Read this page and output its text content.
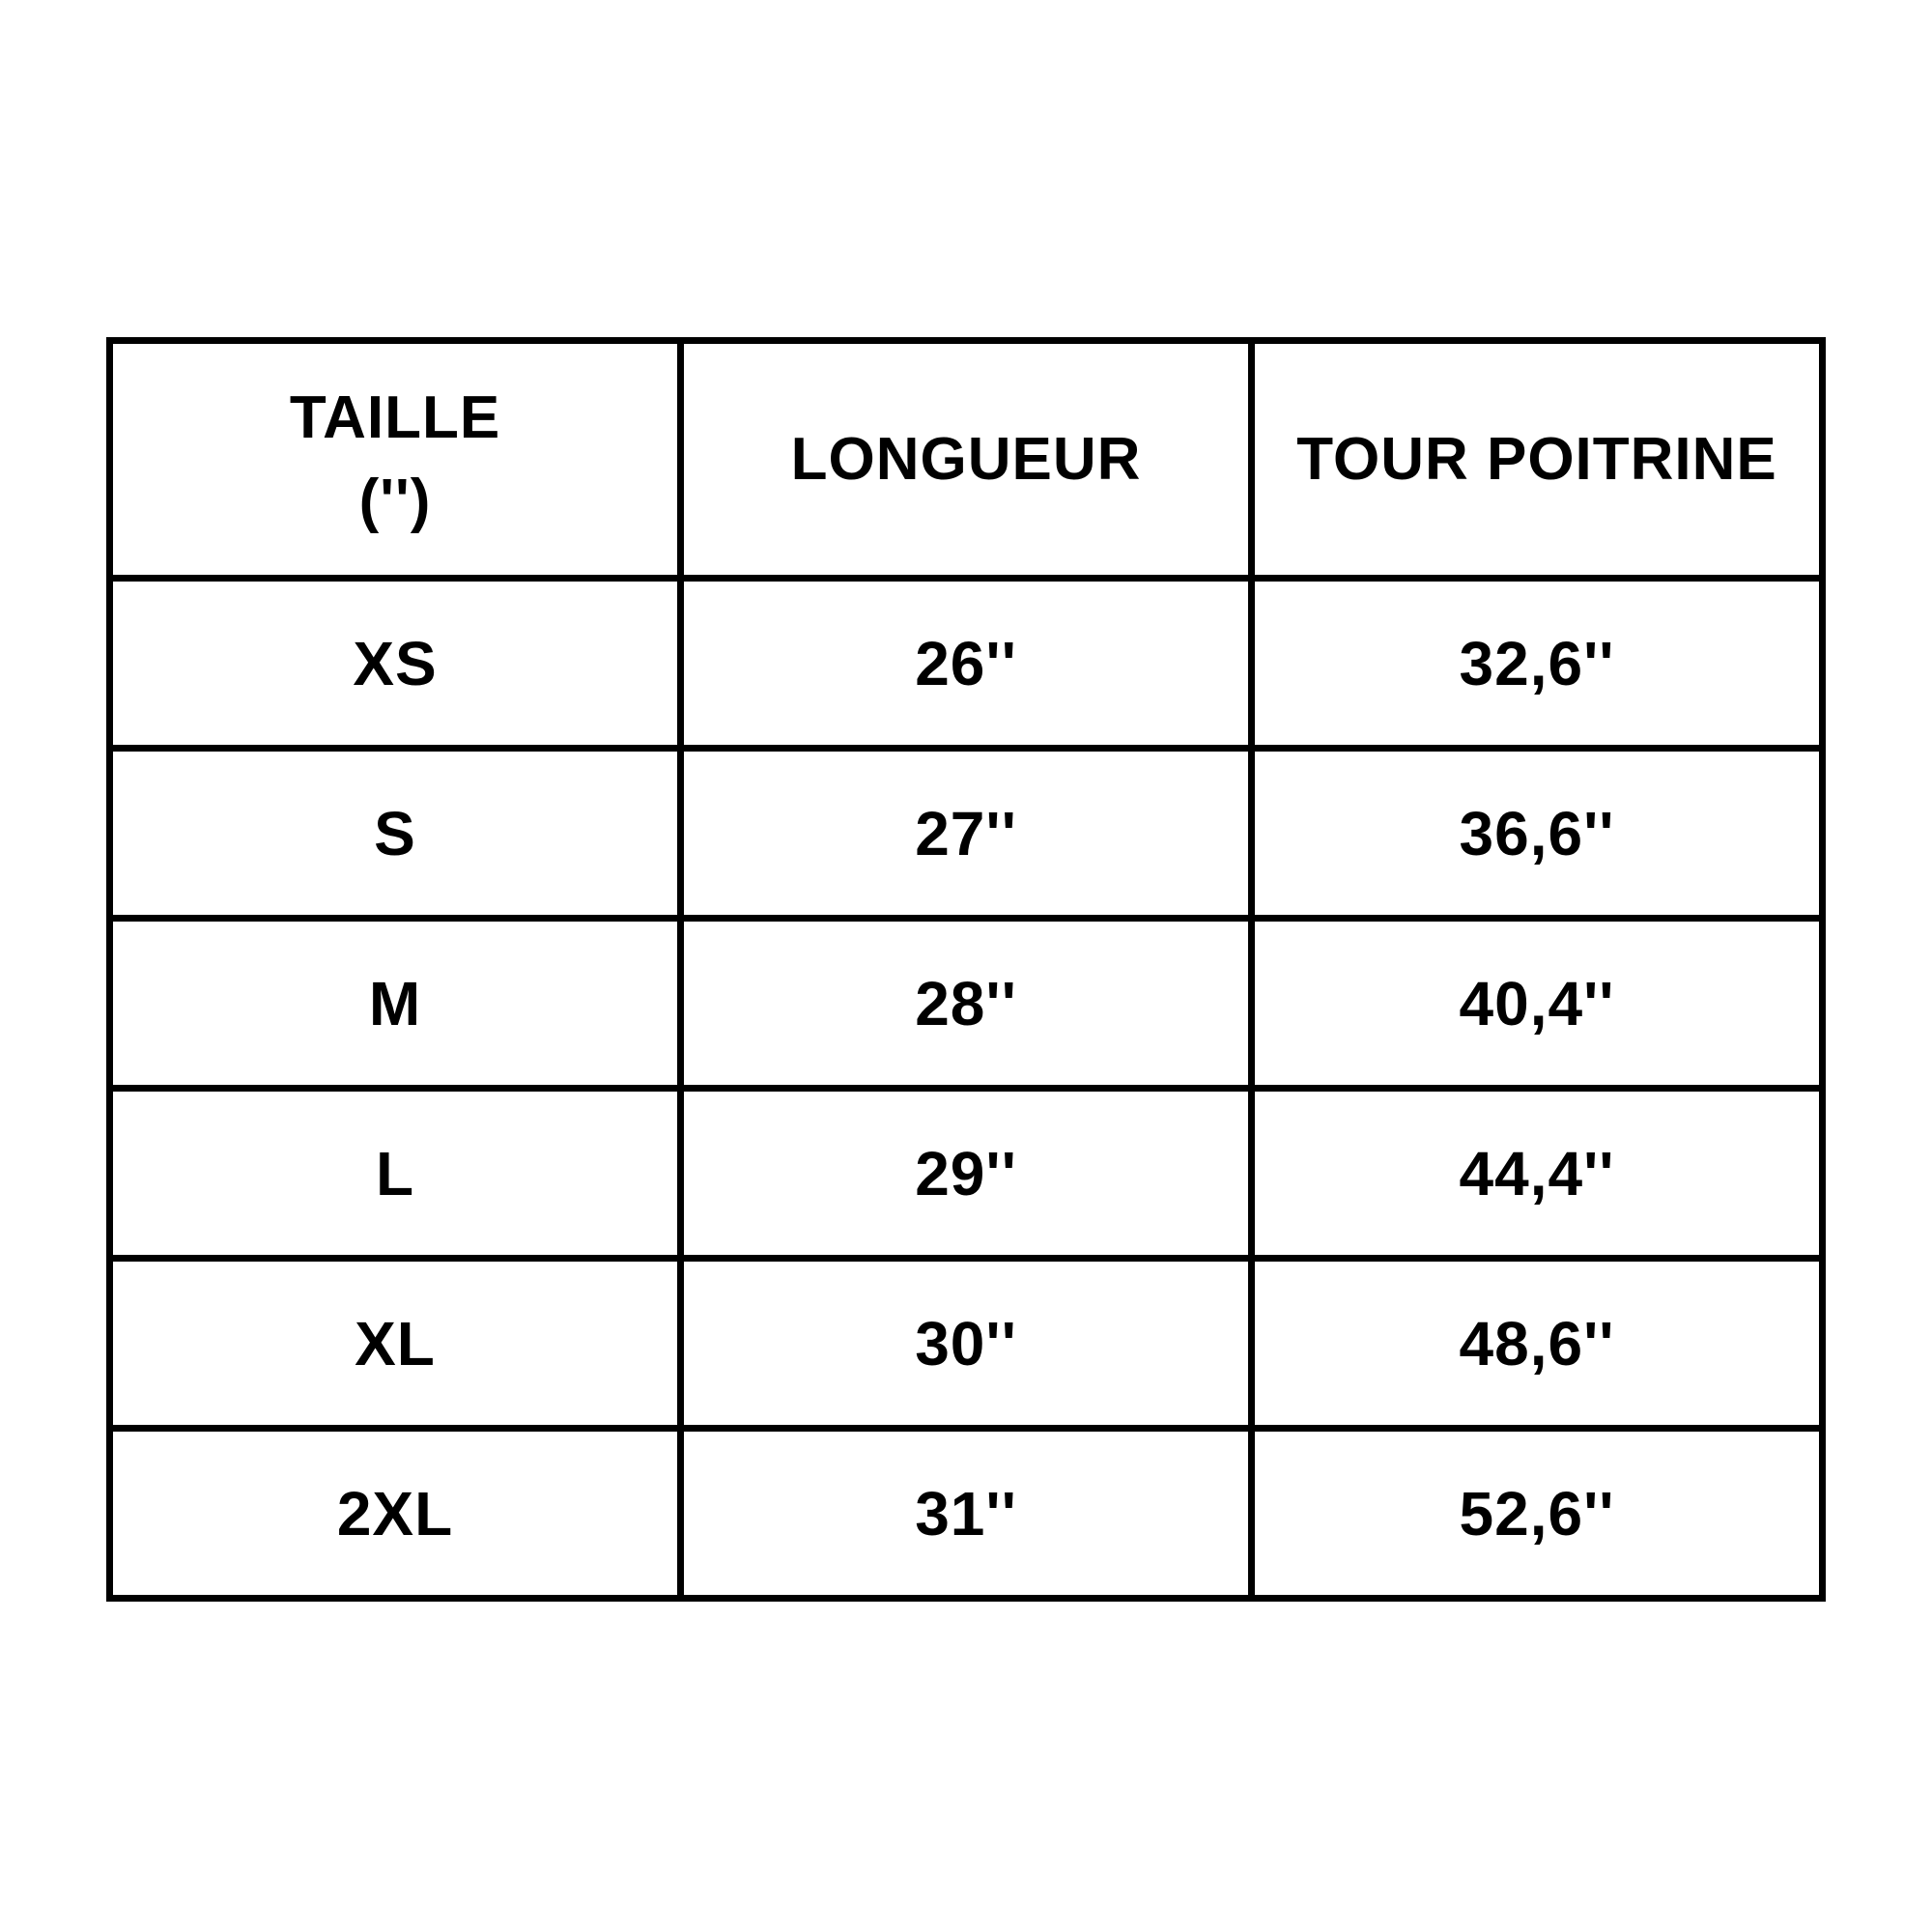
TAILLE
('')	LONGUEUR	TOUR POITRINE

XS	26''	32,6''
S	27''	36,6''
M	28''	40,4''
L	29''	44,4''
XL	30''	48,6''
2XL	31''	52,6''
